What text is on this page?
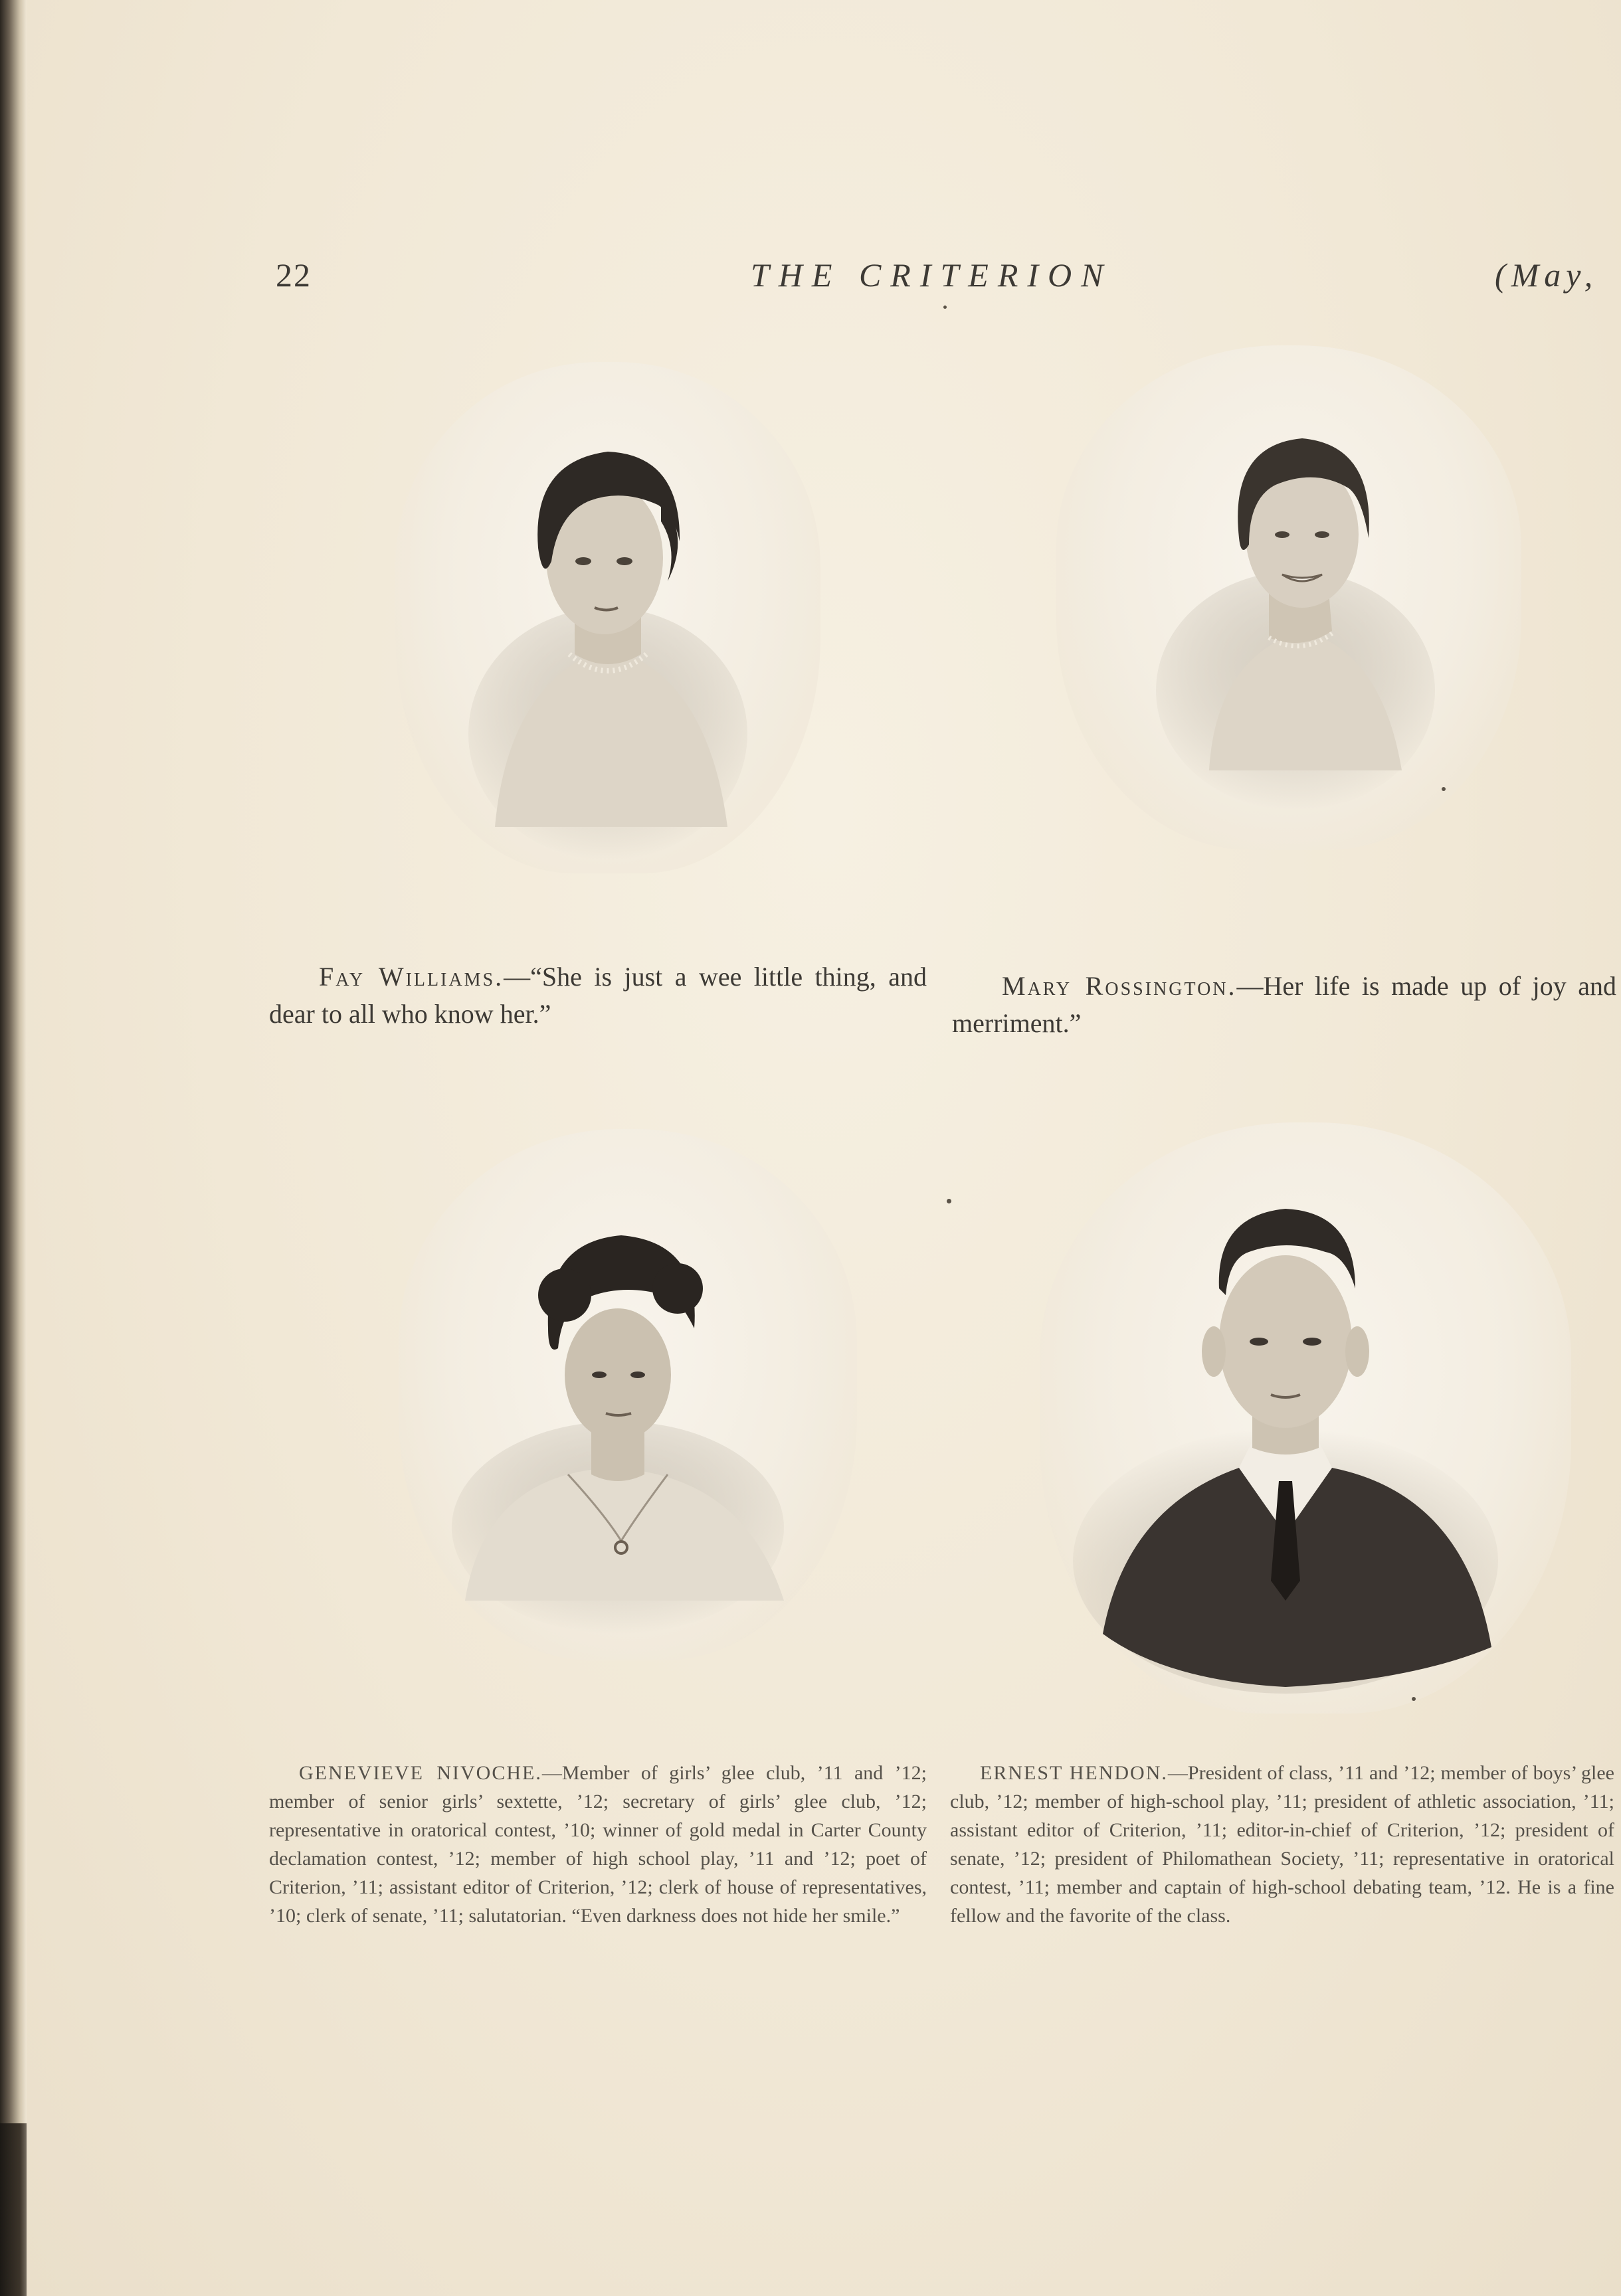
22	THE CRITERION	(May,
Fay Williams.—“She is just a wee little thing, and dear to all who know her.”
Mary Rossington.—Her life is made up of joy and merriment.”
GENEVIEVE NIVOCHE.—Member of girls’ glee club, ’11 and ’12; member of senior girls’ sextette, ’12; secretary of girls’ glee club, ’12; representative in oratorical contest, ’10; winner of gold medal in Carter County declamation contest, ’12; member of high school play, ’11 and ’12; poet of Criterion, ’11; assistant editor of Criterion, ’12; clerk of house of representatives, ’10; clerk of senate, ’11; salutatorian. “Even darkness does not hide her smile.”
ERNEST HENDON.—President of class, ’11 and ’12; member of boys’ glee club, ’12; member of high-school play, ’11; president of athletic association, ’11; assistant editor of Criterion, ’11; editor-in-chief of Criterion, ’12; president of senate, ’12; president of Philomathean Society, ’11; representative in oratorical contest, ’11; member and captain of high-school debating team, ’12. He is a fine fellow and the favorite of the class.
